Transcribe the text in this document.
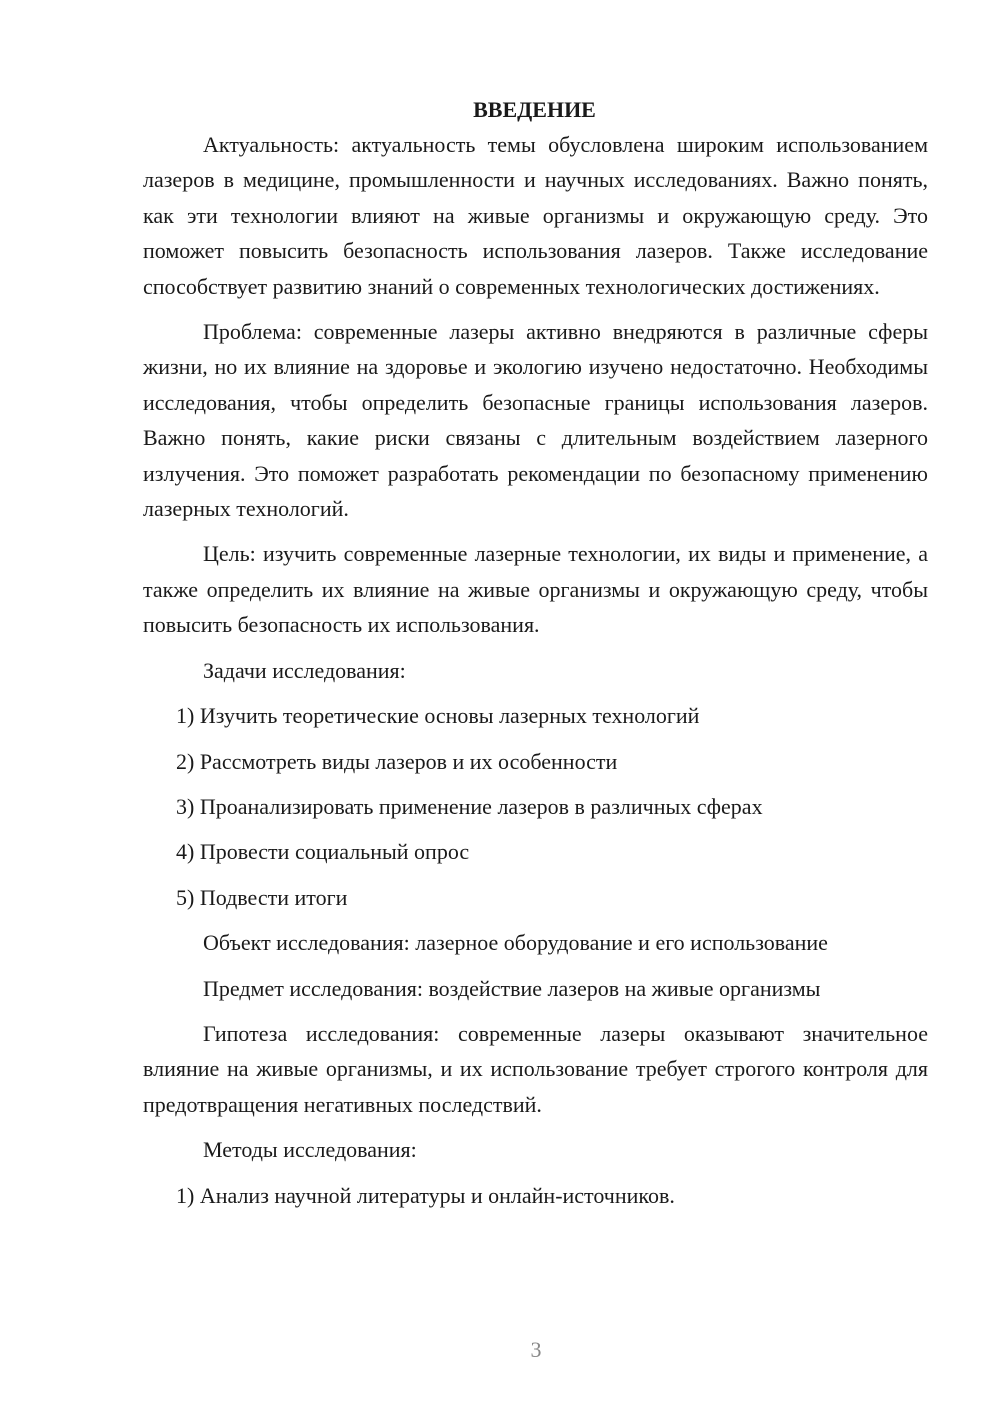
ВВЕДЕНИЕ

Актуальность: актуальность темы обусловлена широким использованием лазеров в медицине, промышленности и научных исследованиях. Важно понять, как эти технологии влияют на живые организмы и окружающую среду. Это поможет повысить безопасность использования лазеров. Также исследование способствует развитию знаний о современных технологических достижениях.

Проблема: современные лазеры активно внедряются в различные сферы жизни, но их влияние на здоровье и экологию изучено недостаточно. Необходимы исследования, чтобы определить безопасные границы использования лазеров. Важно понять, какие риски связаны с длительным воздействием лазерного излучения. Это поможет разработать рекомендации по безопасному применению лазерных технологий.

Цель: изучить современные лазерные технологии, их виды и применение, а также определить их влияние на живые организмы и окружающую среду, чтобы повысить безопасность их использования.

Задачи исследования:

1) Изучить теоретические основы лазерных технологий

2) Рассмотреть виды лазеров и их особенности

3) Проанализировать применение лазеров в различных сферах

4) Провести социальный опрос

5) Подвести итоги

Объект исследования: лазерное оборудование и его использование

Предмет исследования: воздействие лазеров на живые организмы

Гипотеза исследования: современные лазеры оказывают значительное влияние на живые организмы, и их использование требует строгого контроля для предотвращения негативных последствий.

Методы исследования:

1) Анализ научной литературы и онлайн-источников.

3
